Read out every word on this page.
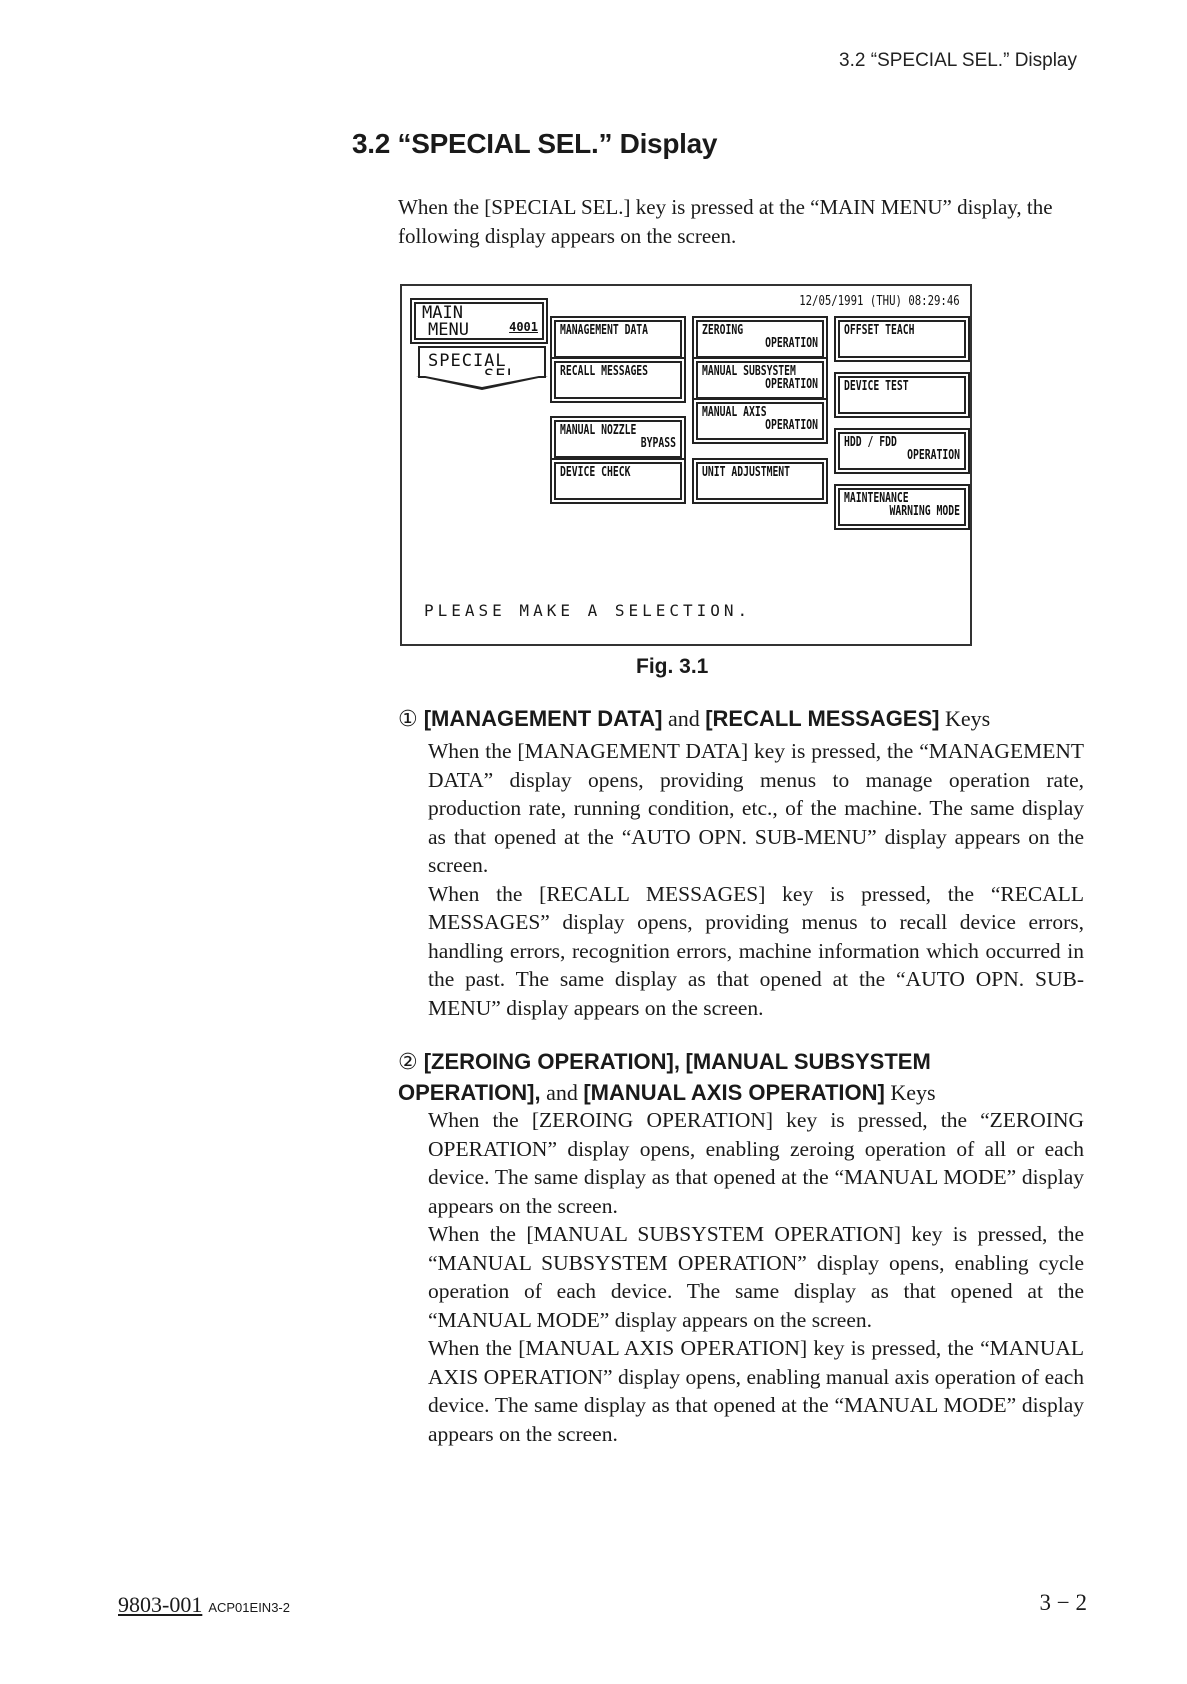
3.2 “SPECIAL SEL.” Display
3.2 “SPECIAL SEL.” Display
When the [SPECIAL SEL.] key is pressed at the “MAIN MENU” display, the following display appears on the screen.
12/05/1991 (THU) 08:29:46
MAIN
MENU	4001
SPECIAL
SEL.
MANAGEMENT DATA
RECALL MESSAGES
MANUAL NOZZLE
BYPASS
DEVICE CHECK
ZEROING
OPERATION
MANUAL SUBSYSTEM
OPERATION
MANUAL AXIS
OPERATION
UNIT ADJUSTMENT
OFFSET TEACH
DEVICE TEST
HDD / FDD
OPERATION
MAINTENANCE
WARNING MODE
PLEASE MAKE A SELECTION.
Fig. 3.1
① [MANAGEMENT DATA] and [RECALL MESSAGES] Keys

When the [MANAGEMENT DATA] key is pressed, the “MANAGEMENT DATA” display opens, providing menus to manage operation rate, production rate, running condition, etc., of the machine. The same display as that opened at the “AUTO OPN. SUB-MENU” display appears on the screen.

When the [RECALL MESSAGES] key is pressed, the “RECALL MESSAGES” display opens, providing menus to recall device errors, handling errors, recognition errors, machine information which occurred in the past. The same display as that opened at the “AUTO OPN. SUB-MENU” display appears on the screen.

② [ZEROING OPERATION], [MANUAL SUBSYSTEM OPERATION], and [MANUAL AXIS OPERATION] Keys

When the [ZEROING OPERATION] key is pressed, the “ZEROING OPERATION” display opens, enabling zeroing operation of all or each device. The same display as that opened at the “MANUAL MODE” display appears on the screen.

When the [MANUAL SUBSYSTEM OPERATION] key is pressed, the “MANUAL SUBSYSTEM OPERATION” display opens, enabling cycle operation of each device. The same display as that opened at the “MANUAL MODE” display appears on the screen.

When the [MANUAL AXIS OPERATION] key is pressed, the “MANUAL AXIS OPERATION” display opens, enabling manual axis operation of each device. The same display as that opened at the “MANUAL MODE” display appears on the screen.

9803-001 ACP01EIN3-2	3 − 2
